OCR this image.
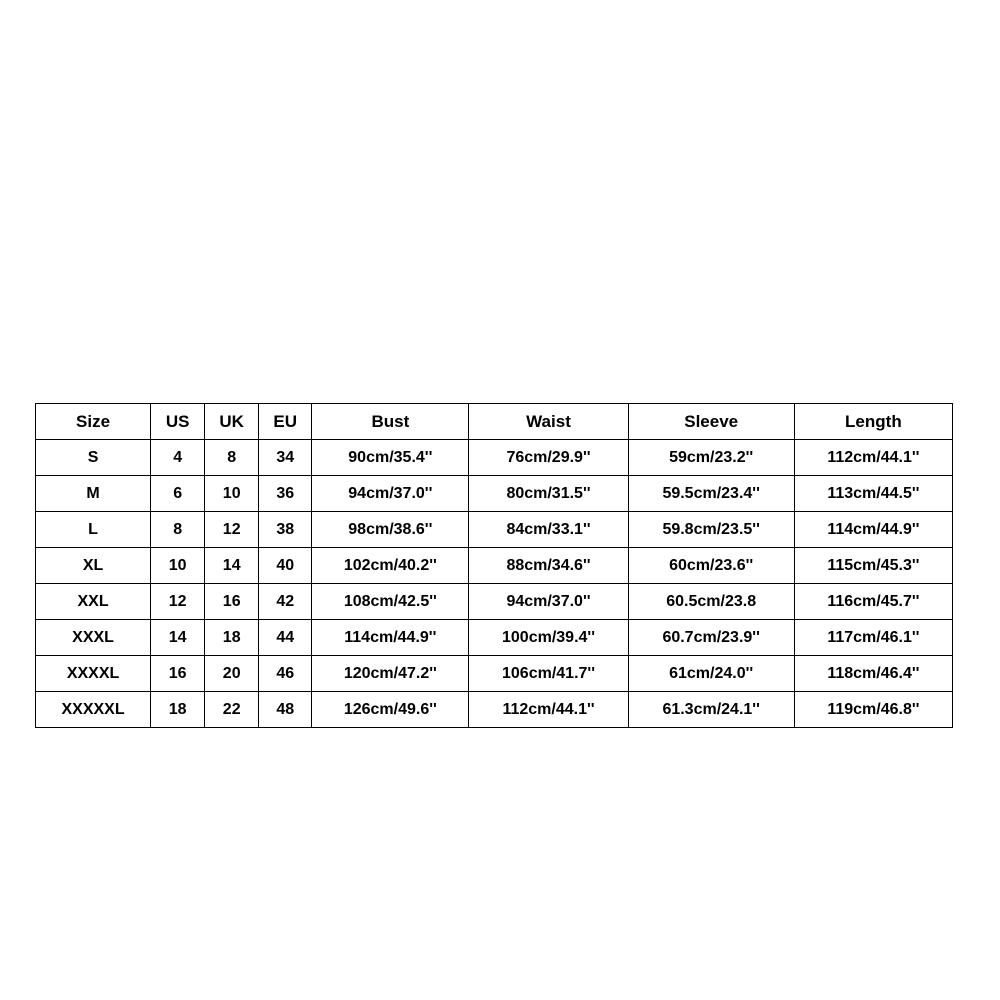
Size	US	UK	EU	Bust	Waist	Sleeve	Length
S	4	8	34	90cm/35.4''	76cm/29.9''	59cm/23.2''	112cm/44.1''
M	6	10	36	94cm/37.0''	80cm/31.5''	59.5cm/23.4''	113cm/44.5''
L	8	12	38	98cm/38.6''	84cm/33.1''	59.8cm/23.5''	114cm/44.9''
XL	10	14	40	102cm/40.2''	88cm/34.6''	60cm/23.6''	115cm/45.3''
XXL	12	16	42	108cm/42.5''	94cm/37.0''	60.5cm/23.8	116cm/45.7''
XXXL	14	18	44	114cm/44.9''	100cm/39.4''	60.7cm/23.9''	117cm/46.1''
XXXXL	16	20	46	120cm/47.2''	106cm/41.7''	61cm/24.0''	118cm/46.4''
XXXXXL	18	22	48	126cm/49.6''	112cm/44.1''	61.3cm/24.1''	119cm/46.8''
